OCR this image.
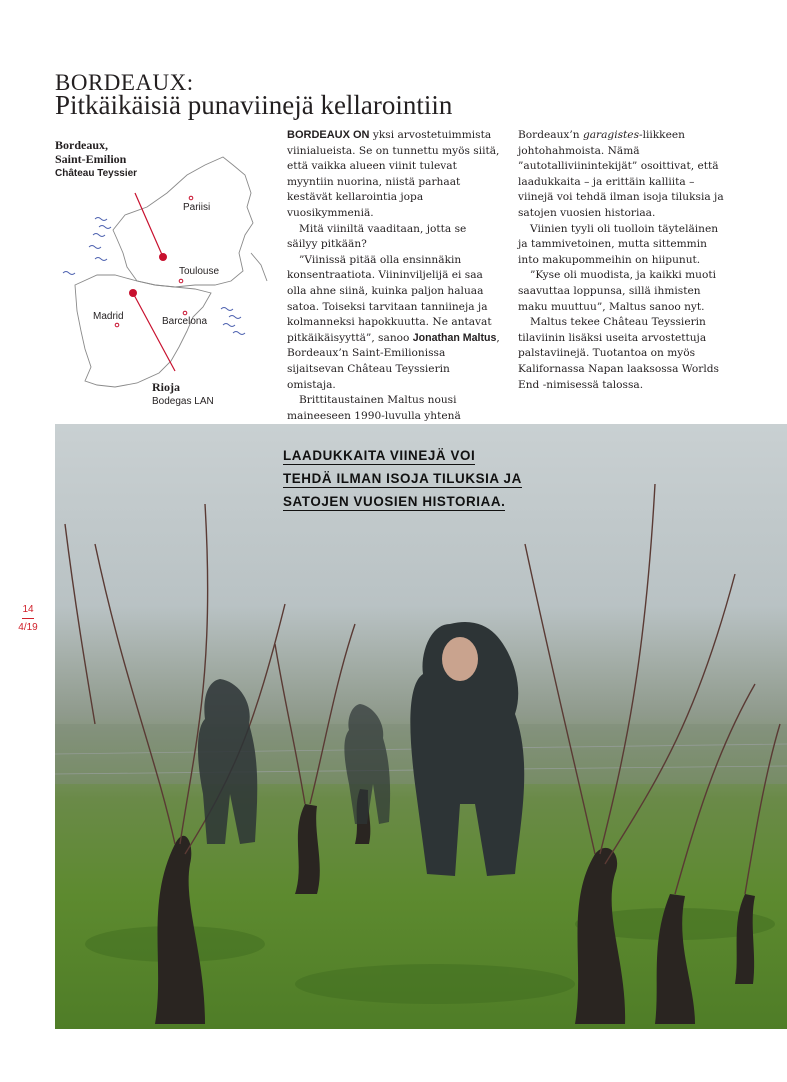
BORDEAUX:
Pitkäikäisiä punaviinejä kellarointiin
Bordeaux,
Saint-Emilion
Château Teyssier
Pariisi
Toulouse
Madrid	Barcelona
Rioja
Bodegas LAN

BORDEAUX ON yksi arvostetuimmista viinialueista. Se on tunnettu myös siitä, että vaikka alueen viinit tulevat myyntiin nuorina, niistä parhaat kestävät kellarointia jopa vuosikymmeniä.

Mitä viiniltä vaaditaan, jotta se säilyy pitkään?

”Viinissä pitää olla ensinnäkin konsentraatiota. Viininviljelijä ei saa olla ahne siinä, kuinka paljon haluaa satoa. Toiseksi tarvitaan tanniineja ja kolmanneksi hapokkuutta. Ne antavat pitkäikäisyyttä”, sanoo Jonathan Maltus, Bordeaux’n Saint-Emilionissa sijaitsevan Château Teyssierin omistaja.

Brittitaustainen Maltus nousi maineeseen 1990-luvulla yhtenä

Bordeaux’n garagistes-liikkeen johtohahmoista. Nämä ”autotalliviinintekijät” osoittivat, että laadukkaita – ja erittäin kalliita – viinejä voi tehdä ilman isoja tiluksia ja satojen vuosien historiaa.

Viinien tyyli oli tuolloin täyteläinen ja tammivetoinen, mutta sittemmin into makupommeihin on hiipunut.

”Kyse oli muodista, ja kaikki muoti saavuttaa loppunsa, sillä ihmisten maku muuttuu”, Maltus sanoo nyt.

Maltus tekee Château Teyssierin tilaviinin lisäksi useita arvostettuja palstaviinejä. Tuotantoa on myös Kalifornassa Napan laaksossa Worlds End -nimisessä talossa.

LAADUKKAITA VIINEJÄ VOI
TEHDÄ ILMAN ISOJA TILUKSIA JA
SATOJEN VUOSIEN HISTORIAA.
14
4/19
